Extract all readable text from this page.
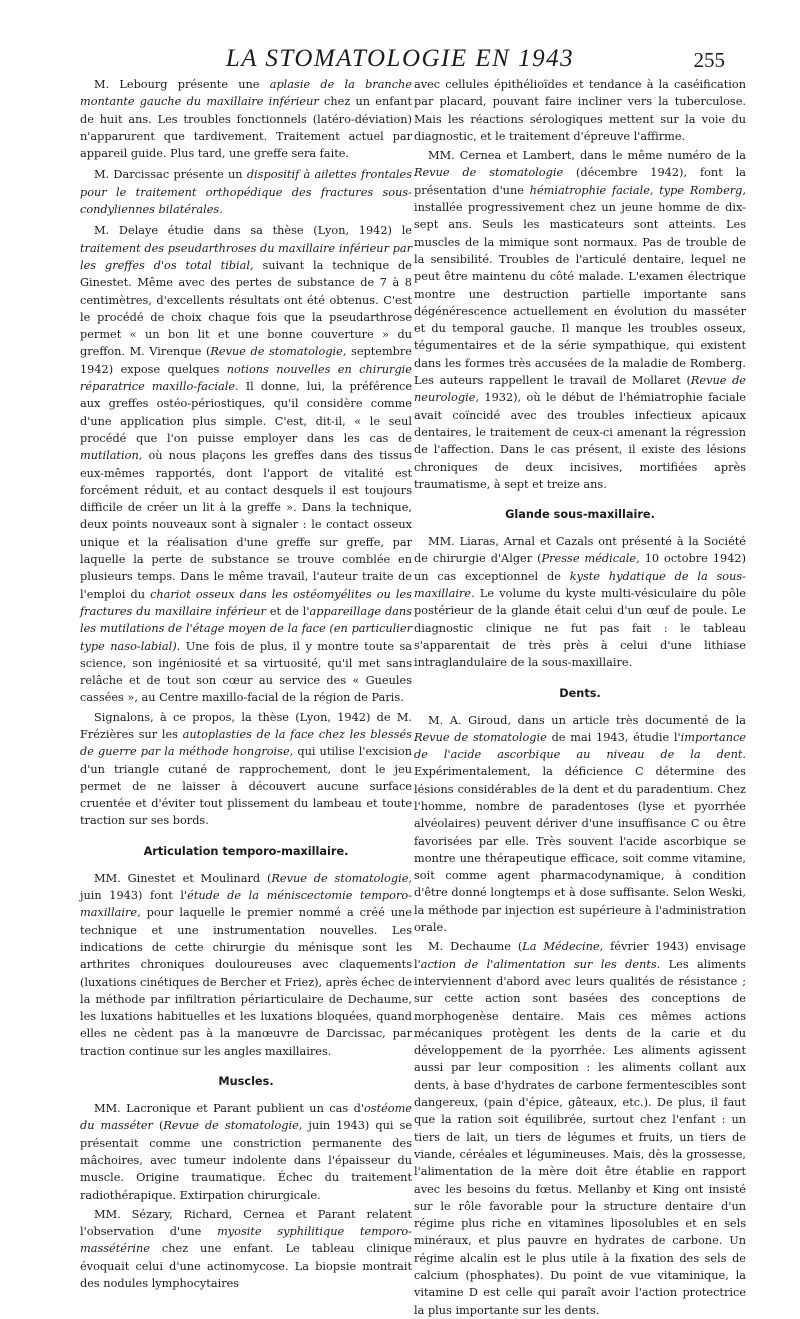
LA STOMATOLOGIE EN 1943	255

M. Lebourg présente une aplasie de la branche montante gauche du maxillaire inférieur chez un enfant de huit ans. Les troubles fonctionnels (latéro-déviation) n'apparurent que tardivement. Traitement actuel par appareil guide. Plus tard, une greffe sera faite.

M. Darcissac présente un dispositif à ailettes frontales pour le traitement orthopédique des fractures sous-condyliennes bilatérales.

M. Delaye étudie dans sa thèse (Lyon, 1942) le traitement des pseudarthroses du maxillaire inférieur par les greffes d'os total tibial, suivant la technique de Ginestet. Même avec des pertes de substance de 7 à 8 centimètres, d'excellents résultats ont été obtenus. C'est le procédé de choix chaque fois que la pseudarthrose permet « un bon lit et une bonne couverture » du greffon. M. Virenque (Revue de stomatologie, septembre 1942) expose quelques notions nouvelles en chirurgie réparatrice maxillo-faciale. Il donne, lui, la préférence aux greffes ostéo-périostiques, qu'il considère comme d'une application plus simple. C'est, dit-il, « le seul procédé que l'on puisse employer dans les cas de mutilation, où nous plaçons les greffes dans des tissus eux-mêmes rapportés, dont l'apport de vitalité est forcément réduit, et au contact desquels il est toujours difficile de créer un lit à la greffe ». Dans la technique, deux points nouveaux sont à signaler : le contact osseux unique et la réalisation d'une greffe sur greffe, par laquelle la perte de substance se trouve comblée en plusieurs temps. Dans le même travail, l'auteur traite de l'emploi du chariot osseux dans les ostéomyélites ou les fractures du maxillaire inférieur et de l'appareillage dans les mutilations de l'étage moyen de la face (en particulier type naso-labial). Une fois de plus, il y montre toute sa science, son ingéniosité et sa virtuosité, qu'il met sans relâche et de tout son cœur au service des « Gueules cassées », au Centre maxillo-facial de la région de Paris.

Signalons, à ce propos, la thèse (Lyon, 1942) de M. Frézières sur les autoplasties de la face chez les blessés de guerre par la méthode hongroise, qui utilise l'excision d'un triangle cutané de rapprochement, dont le jeu permet de ne laisser à découvert aucune surface cruentée et d'éviter tout plissement du lambeau et toute traction sur ses bords.

Articulation temporo-maxillaire.

MM. Ginestet et Moulinard (Revue de stomatologie, juin 1943) font l'étude de la méniscectomie temporo-maxillaire, pour laquelle le premier nommé a créé une technique et une instrumentation nouvelles. Les indications de cette chirurgie du ménisque sont les arthrites chroniques douloureuses avec claquements (luxations cinétiques de Bercher et Friez), après échec de la méthode par infiltration périarticulaire de Dechaume, les luxations habituelles et les luxations bloquées, quand elles ne cèdent pas à la manœuvre de Darcissac, par traction continue sur les angles maxillaires.

Muscles.

MM. Lacronique et Parant publient un cas d'ostéome du masséter (Revue de stomatologie, juin 1943) qui se présentait comme une constriction permanente des mâchoires, avec tumeur indolente dans l'épaisseur du muscle. Origine traumatique. Échec du traitement radiothérapique. Extirpation chirurgicale.

MM. Sézary, Richard, Cernea et Parant relatent l'observation d'une myosite syphilitique temporo-massétérine chez une enfant. Le tableau clinique évoquait celui d'une actinomycose. La biopsie montrait des nodules lymphocytaires

avec cellules épithélioïdes et tendance à la caséification par placard, pouvant faire incliner vers la tuberculose. Mais les réactions sérologiques mettent sur la voie du diagnostic, et le traitement d'épreuve l'affirme.

MM. Cernea et Lambert, dans le même numéro de la Revue de stomatologie (décembre 1942), font la présentation d'une hémiatrophie faciale, type Romberg, installée progressivement chez un jeune homme de dix-sept ans. Seuls les masticateurs sont atteints. Les muscles de la mimique sont normaux. Pas de trouble de la sensibilité. Troubles de l'articulé dentaire, lequel ne peut être maintenu du côté malade. L'examen électrique montre une destruction partielle importante sans dégénérescence actuellement en évolution du masséter et du temporal gauche. Il manque les troubles osseux, tégumentaires et de la série sympathique, qui existent dans les formes très accusées de la maladie de Romberg. Les auteurs rappellent le travail de Mollaret (Revue de neurologie, 1932), où le début de l'hémiatrophie faciale avait coïncidé avec des troubles infectieux apicaux dentaires, le traitement de ceux-ci amenant la régression de l'affection. Dans le cas présent, il existe des lésions chroniques de deux incisives, mortifiées après traumatisme, à sept et treize ans.

Glande sous-maxillaire.

MM. Liaras, Arnal et Cazals ont présenté à la Société de chirurgie d'Alger (Presse médicale, 10 octobre 1942) un cas exceptionnel de kyste hydatique de la sous-maxillaire. Le volume du kyste multi-vésiculaire du pôle postérieur de la glande était celui d'un œuf de poule. Le diagnostic clinique ne fut pas fait : le tableau s'apparentait de très près à celui d'une lithiase intraglandulaire de la sous-maxillaire.

Dents.

M. A. Giroud, dans un article très documenté de la Revue de stomatologie de mai 1943, étudie l'importance de l'acide ascorbique au niveau de la dent. Expérimentalement, la déficience C détermine des lésions considérables de la dent et du paradentium. Chez l'homme, nombre de paradentoses (lyse et pyorrhée alvéolaires) peuvent dériver d'une insuffisance C ou être favorisées par elle. Très souvent l'acide ascorbique se montre une thérapeutique efficace, soit comme vitamine, soit comme agent pharmacodynamique, à condition d'être donné longtemps et à dose suffisante. Selon Weski, la méthode par injection est supérieure à l'administration orale.

M. Dechaume (La Médecine, février 1943) envisage l'action de l'alimentation sur les dents. Les aliments interviennent d'abord avec leurs qualités de résistance ; sur cette action sont basées des conceptions de morphogenèse dentaire. Mais ces mêmes actions mécaniques protègent les dents de la carie et du développement de la pyorrhée. Les aliments agissent aussi par leur composition : les aliments collant aux dents, à base d'hydrates de carbone fermentescibles sont dangereux, (pain d'épice, gâteaux, etc.). De plus, il faut que la ration soit équilibrée, surtout chez l'enfant : un tiers de lait, un tiers de légumes et fruits, un tiers de viande, céréales et légumineuses. Mais, dès la grossesse, l'alimentation de la mère doit être établie en rapport avec les besoins du fœtus. Mellanby et King ont insisté sur le rôle favorable pour la structure dentaire d'un régime plus riche en vitamines liposolubles et en sels minéraux, et plus pauvre en hydrates de carbone. Un régime alcalin est le plus utile à la fixation des sels de calcium (phosphates). Du point de vue vitaminique, la vitamine D est celle qui paraît avoir l'action protectrice la plus importante sur les dents.
